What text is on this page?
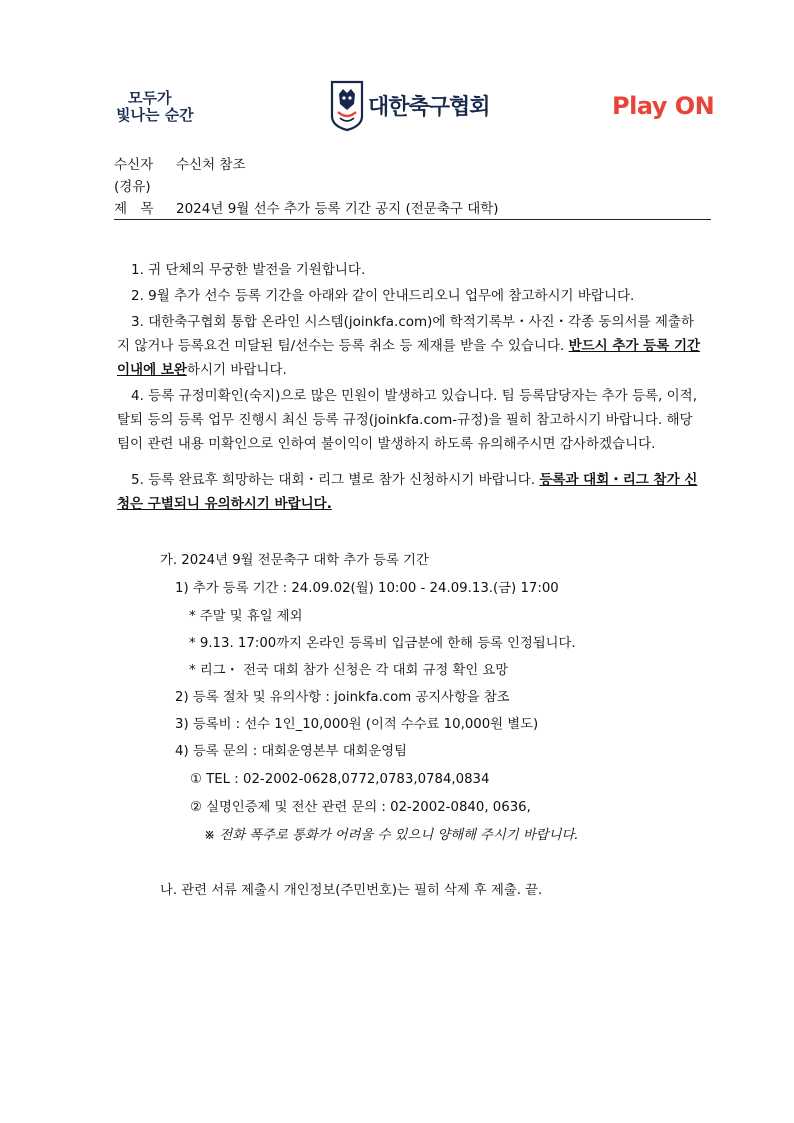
모두가
빛나는 순간	대한축구협회	Play ON
수신자 수신처 참조
(경유)
제　목 2024년 9월 선수 추가 등록 기간 공지 (전문축구 대학)
1. 귀 단체의 무궁한 발전을 기원합니다.
2. 9월 추가 선수 등록 기간을 아래와 같이 안내드리오니 업무에 참고하시기 바랍니다.
3. 대한축구협회 통합 온라인 시스템(joinkfa.com)에 학적기록부・사진・각종 동의서를 제출하지 않거나 등록요건 미달된 팀/선수는 등록 취소 등 제재를 받을 수 있습니다. 반드시 추가 등록 기간 이내에 보완하시기 바랍니다.
4. 등록 규정미확인(숙지)으로 많은 민원이 발생하고 있습니다. 팀 등록담당자는 추가 등록, 이적, 탈퇴 등의 등록 업무 진행시 최신 등록 규정(joinkfa.com-규정)을 필히 참고하시기 바랍니다. 해당 팀이 관련 내용 미확인으로 인하여 불이익이 발생하지 하도록 유의해주시면 감사하겠습니다.
5. 등록 완료후 희망하는 대회・리그 별로 참가 신청하시기 바랍니다. 등록과 대회・리그 참가 신청은 구별되니 유의하시기 바랍니다.
가. 2024년 9월 전문축구 대학 추가 등록 기간
1) 추가 등록 기간 : 24.09.02(월) 10:00 - 24.09.13.(금) 17:00
* 주말 및 휴일 제외
* 9.13. 17:00까지 온라인 등록비 입금분에 한해 등록 인정됩니다.
* 리그・ 전국 대회 참가 신청은 각 대회 규정 확인 요망
2) 등록 절차 및 유의사항 : joinkfa.com 공지사항을 참조
3) 등록비 : 선수 1인_10,000원 (이적 수수료 10,000원 별도)
4) 등록 문의 : 대회운영본부 대회운영팀
① TEL : 02-2002-0628,0772,0783,0784,0834
② 실명인증제 및 전산 관련 문의 : 02-2002-0840, 0636,
※ 전화 폭주로 통화가 어려울 수 있으니 양해해 주시기 바랍니다.
나. 관련 서류 제출시 개인정보(주민번호)는 필히 삭제 후 제출. 끝.
